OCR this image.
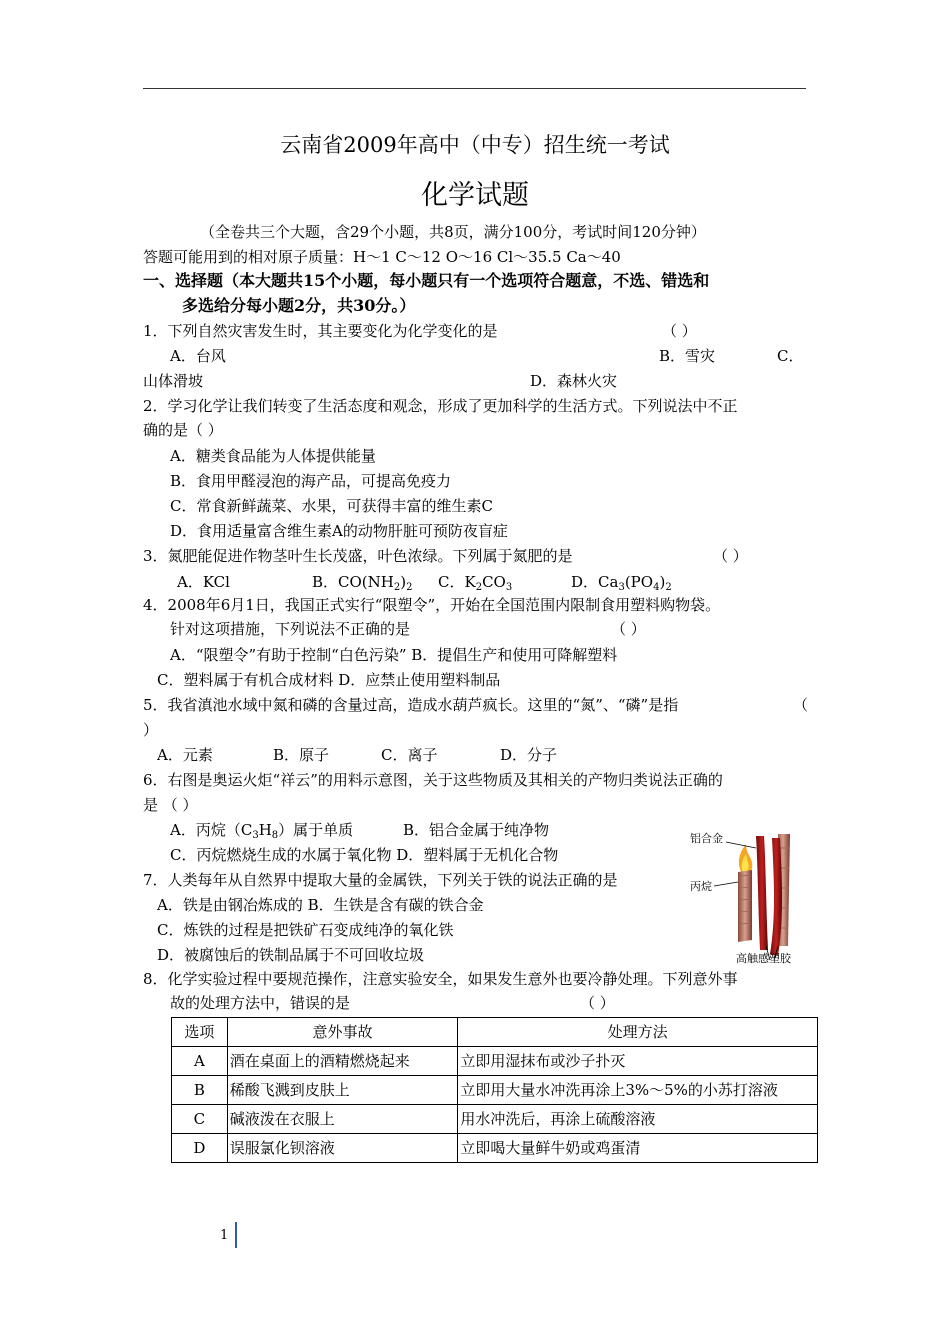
云南省2009年高中（中专）招生统一考试
化学试题
（全卷共三个大题，含29个小题，共8页，满分100分，考试时间120分钟）
答题可能用到的相对原子质量：H～1 C～12 O～16 Cl～35.5 Ca～40
一、选择题（本大题共15个小题，每小题只有一个选项符合题意，不选、错选和
多选给分每小题2分，共30分。）
1．下列自然灾害发生时，其主要变化为化学变化的是	（ ）
A．台风	B．雪灾	C．
山体滑坡	D．森林火灾
2．学习化学让我们转变了生活态度和观念，形成了更加科学的生活方式。下列说法中不正
确的是（ ）
A．糖类食品能为人体提供能量
B．食用甲醛浸泡的海产品，可提高免疫力
C．常食新鲜蔬菜、水果，可获得丰富的维生素C
D．食用适量富含维生素A的动物肝脏可预防夜盲症
3．氮肥能促进作物茎叶生长茂盛，叶色浓绿。下列属于氮肥的是	（ ）
A．KCl	B．$CO(NH_2)_2$ C．$K_2CO_3$	D．$Ca_3(PO_4)_2$
4．2008年6月1日，我国正式实行“限塑令”，开始在全国范围内限制食用塑料购物袋。
针对这项措施，下列说法不正确的是	（ ）
A．“限塑令”有助于控制“白色污染” B．提倡生产和使用可降解塑料
C．塑料属于有机合成材料 D．应禁止使用塑料制品
5．我省滇池水域中氮和磷的含量过高，造成水葫芦疯长。这里的“氮”、“磷”是指	（
）
A．元素	B．原子	C．离子	D．分子
6．右图是奥运火炬“祥云”的用料示意图，关于这些物质及其相关的产物归类说法正确的
是 （ ）
A．丙烷$(C_3H_8)$属于单质	B．铝合金属于纯净物
C．丙烷燃烧生成的水属于氧化物 D．塑料属于无机化合物
铝合金
丙烷
高触感塑胶
7．人类每年从自然界中提取大量的金属铁，下列关于铁的说法正确的是
A．铁是由钢冶炼成的 B．生铁是含有碳的铁合金
C．炼铁的过程是把铁矿石变成纯净的氧化铁
D．被腐蚀后的铁制品属于不可回收垃圾
8．化学实验过程中要规范操作，注意实验安全，如果发生意外也要冷静处理。下列意外事
故的处理方法中，错误的是	（ ）
选项	意外事故	处理方法
A	酒在桌面上的酒精燃烧起来	立即用湿抹布或沙子扑灭
B	稀酸飞溅到皮肤上	立即用大量水冲洗再涂上3%～5%的小苏打溶液
C	碱液泼在衣服上	用水冲洗后，再涂上硫酸溶液
D	误服氯化钡溶液	立即喝大量鲜牛奶或鸡蛋清
1
